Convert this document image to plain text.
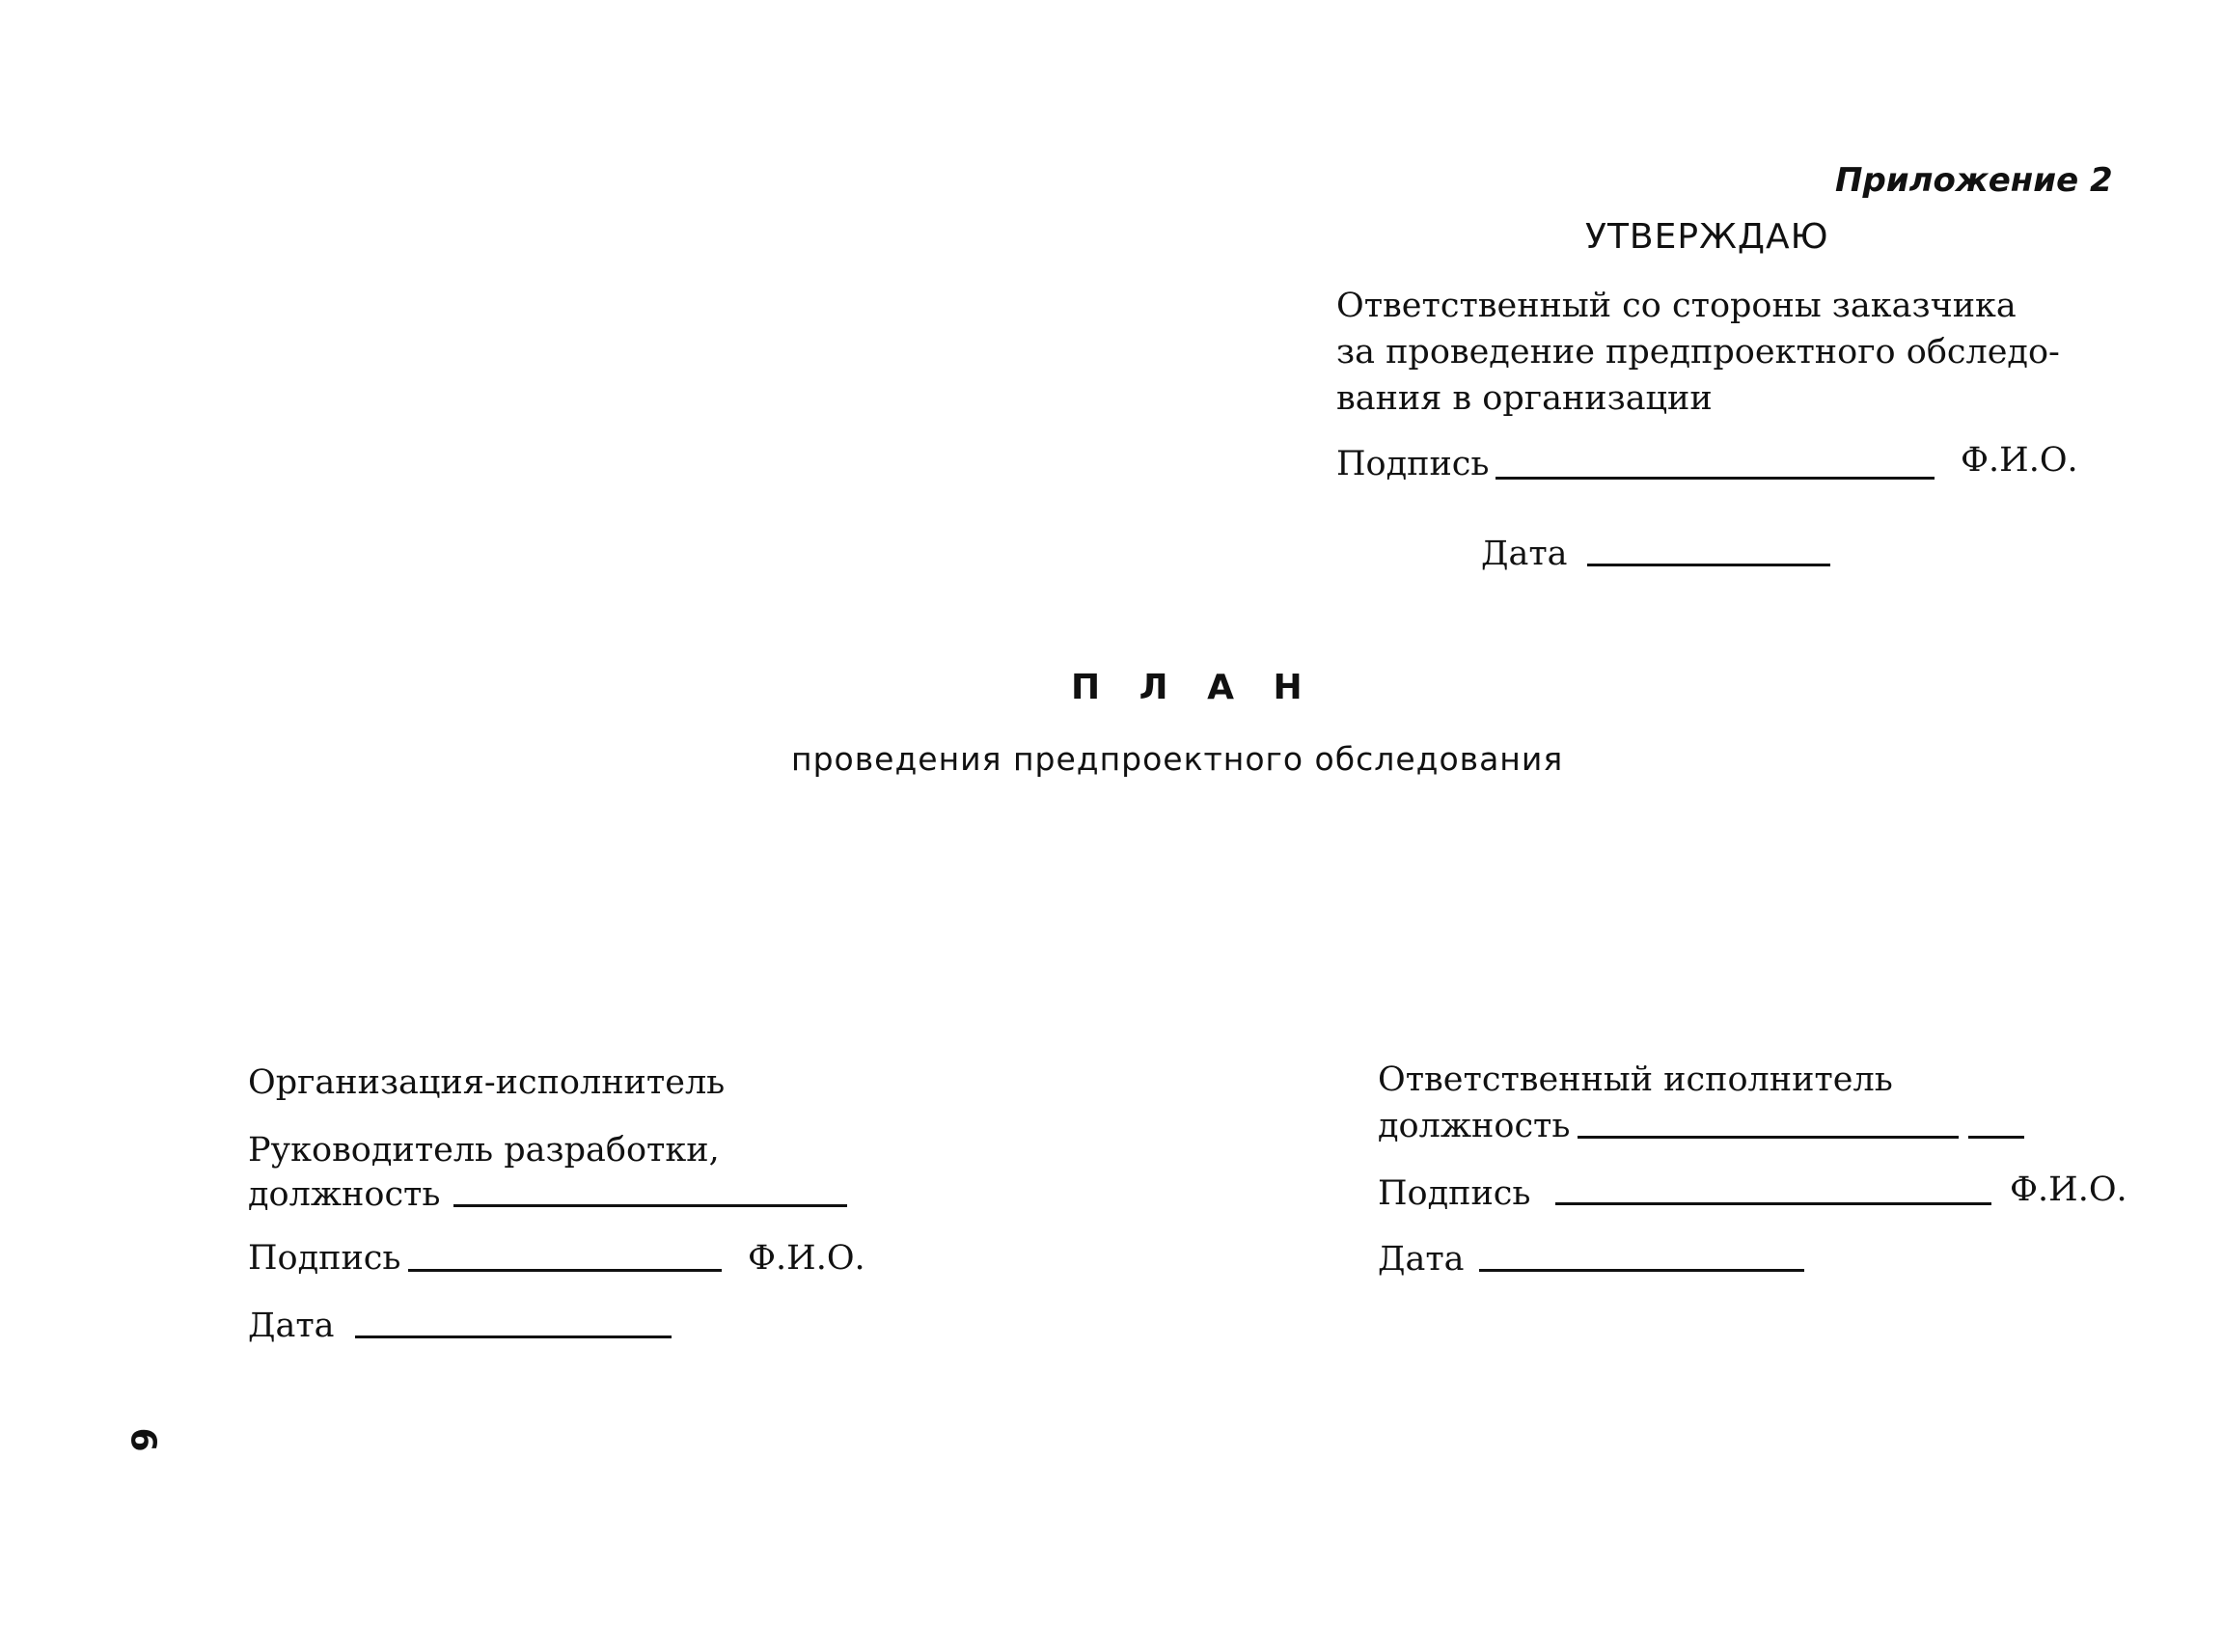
Приложение 2
УТВЕРЖДАЮ
Ответственный со стороны заказчика
за проведение предпроектного обследо-
вания в организации
Подпись	Ф.И.О.
Дата
П Л А Н
проведения предпроектного обследования
Организация-исполнитель
Руководитель разработки,
должность
Подпись	Ф.И.О.
Дата
Ответственный исполнитель
должность
Подпись	Ф.И.О.
Дата
6
